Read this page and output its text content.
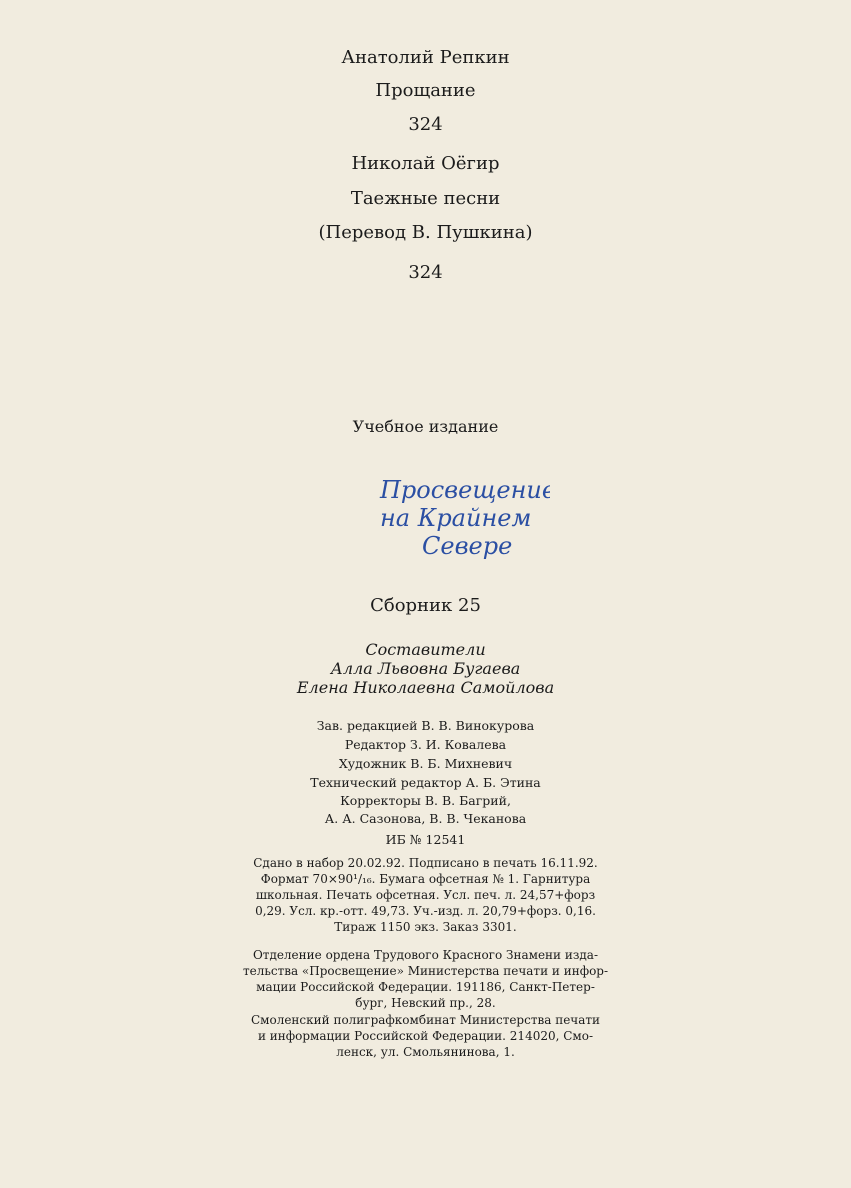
Анатолий Репкин
Прощание
324
Николай Оёгир
Таежные песни
(Перевод В. Пушкина)
324
Учебное издание
Просвещение
на Крайнем
Севере
Сборник 25
Составители
Алла Львовна Бугаева
Елена Николаевна Самойлова
Зав. редакцией В. В. Винокурова
Редактор З. И. Ковалева
Художник В. Б. Михневич
Технический редактор А. Б. Этина
Корректоры В. В. Багрий,
А. А. Сазонова, В. В. Чеканова
ИБ № 12541
Сдано в набор 20.02.92. Подписано в печать 16.11.92.
Формат 70×90¹/₁₆. Бумага офсетная № 1. Гарнитура
школьная. Печать офсетная. Усл. печ. л. 24,57+форз
0,29. Усл. кр.-отт. 49,73. Уч.-изд. л. 20,79+форз. 0,16.
Тираж 1150 экз. Заказ 3301.
Отделение ордена Трудового Красного Знамени изда-
тельства «Просвещение» Министерства печати и инфор-
мации Российской Федерации. 191186, Санкт-Петер-
бург, Невский пр., 28.
Смоленский полиграфкомбинат Министерства печати
и информации Российской Федерации. 214020, Смо-
ленск, ул. Смольянинова, 1.
